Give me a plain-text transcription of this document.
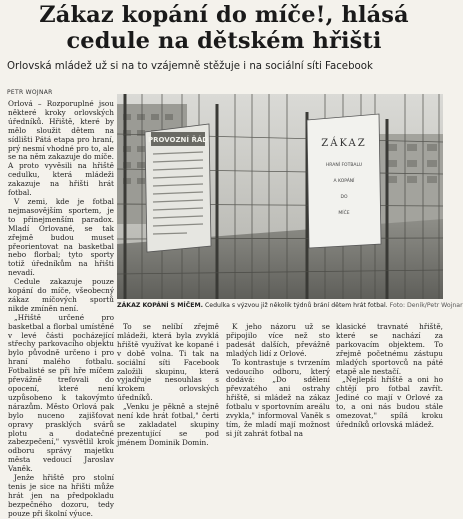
Zákaz kopání do míče!, hlásá
cedule na dětském hřišti
Orlovská mládež už si na to vzájemně stěžuje i na sociální síti Facebook
PETR WOJNAR

Orlová – Rozporuplné jsou některé kroky orlovských úředníků. Hřiště, které by mělo sloužit dětem na sídlišti Pátá etapa pro hraní, prý nesmí vhodné pro to, ale se na něm zakazuje do míče. A proto vyvěsili na hřiště cedulku, která mládeži zakazuje na hřišti hrát fotbal.

V zemi, kde je fotbal nejmasovějším sportem, je to přinejmenším paradox. Mladí Orlované, se tak zřejmě budou muset přeorientovat na basketbal nebo florbal; tyto sporty totiž úředníkům na hřišti nevadí.

Cedule zakazuje pouze kopání do míče, všeobecný zákaz míčových sportů nikde zmíněn není.

„Hřiště určené pro basketbal a florbal umístěné v levé části pocházející střechy parkovacího objektu bylo původně určeno i pro hraní malého fotbalu. Fotbalisté se při hře míčem převážně trefovali do opocení, které není uzpůsobeno k takovýmto nárazům. Město Orlová pak bylo nuceno zajišťovat opravy prasklých svárů plotu a dodatečné zabezpečení," vysvětlil krok odboru správy majetku města vedoucí Jaroslav Vaněk.

Jenže hřiště pro stolní tenis je sice na hřišti může hrát jen na předpokladu bezpečného dozoru, tedy pouze při školní výuce.

PROVOZNÍ ŘÁD	ZÁKAZ
HRANÍ FOTBALU
A KOPÁNÍ
DO
MÍČE
ZÁKAZ KOPÁNÍ S MÍČEM. Cedulka s výzvou již několik týdnů brání dětem hrát fotbal. Foto: Deník/Petr Wojnar

To se nelíbí zřejmě mládeži, která byla zvyklá hřiště využívat ke kopané i v době volna. Ti tak na sociální síti Facebook založili skupinu, která vyjadřuje nesouhlas s krokem orlovských úředníků.

„Venku je pěkně a stejně není kde hrát fotbal," čerti se zakladatel skupiny prezentující se pod jménem Dominik Domin.

K jeho názoru už se připojilo více než sto padesát dalších, převážně mladých lidí z Orlové.

To kontrastuje s tvrzením vedoucího odboru, který dodává: „Do sdělení převzatého ani ostrahy hřiště, si mládež na zákaz fotbalu v sportovním areálu zvykla," informoval Vaněk s tím, že mladí mají možnost si jít zahrát fotbal na

klasické travnaté hřiště, které se nachází za parkovacím objektem. To zřejmě početnému zástupu mladých sportovců na páté etapě ale nestačí.

„Nejlepší hřiště a oni ho chtějí pro fotbal zavřít. Jediné co mají v Orlové za to, a oni nás budou stále omezovat," spílá kroku úředníků orlovská mládež.
